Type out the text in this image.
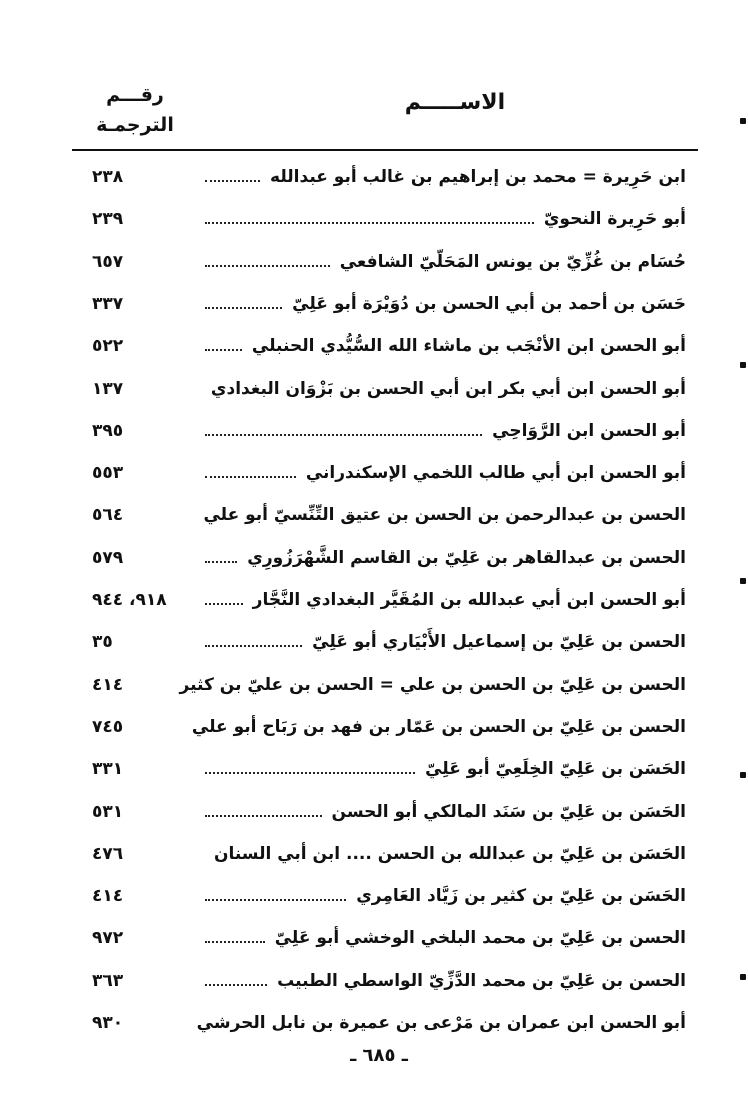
الاســـــم
رقـــم
الترجمـة
ابن حَرِيرة = محمد بن إبراهيم بن غالب أبو عبدالله
٢٣٨
أبو حَرِيرة النحويّ
٢٣٩
حُسَام بن غُزِّيّ بن يونس المَحَلّيّ الشافعي
٦٥٧
حَسَن بن أحمد بن أبي الحسن بن دُوَيْرَة أبو عَلِيّ
٣٣٧
أبو الحسن ابن الأنْجَب بن ماشاء الله السُّيُّدي الحنبلي
٥٢٢
أبو الحسن ابن أبي بكر ابن أبي الحسن بن بَزْوَان البغدادي
١٣٧
أبو الحسن ابن الرَّوَاحِي
٣٩٥
أبو الحسن ابن أبي طالب اللخمي الإسكندراني
٥٥٣
الحسن بن عبدالرحمن بن الحسن بن عتيق التِّنِّسيّ أبو علي
٥٦٤
الحسن بن عبدالقاهر بن عَلِيّ بن القاسم الشَّهْرَزُورِي
٥٧٩
أبو الحسن ابن أبي عبدالله بن المُقَيَّر البغدادي النَّجَّار
٩١٨، ٩٤٤
الحسن بن عَلِيّ بن إسماعيل الأَبْيَاري أبو عَلِيّ
٣٥
الحسن بن عَلِيّ بن الحسن بن علي = الحسن بن عليّ بن كثير
٤١٤
الحسن بن عَلِيّ بن الحسن بن عَمّار بن فهد بن رَبَاح أبو علي
٧٤٥
الحَسَن بن عَلِيّ الخِلَعِيّ أبو عَلِيّ
٣٣١
الحَسَن بن عَلِيّ بن سَنَد المالكي أبو الحسن
٥٣١
الحَسَن بن عَلِيّ بن عبدالله بن الحسن .... ابن أبي السنان
٤٧٦
الحَسَن بن عَلِيّ بن كثير بن زَيَّاد العَامِري
٤١٤
الحسن بن عَلِيّ بن محمد البلخي الوخشي أبو عَلِيّ
٩٧٢
الحسن بن عَلِيّ بن محمد الدَّزِّيّ الواسطي الطبيب
٣٦٣
أبو الحسن ابن عمران بن مَرْعى بن عميرة بن نابل الحرشي
٩٣٠
ـ ٦٨٥ ـ
